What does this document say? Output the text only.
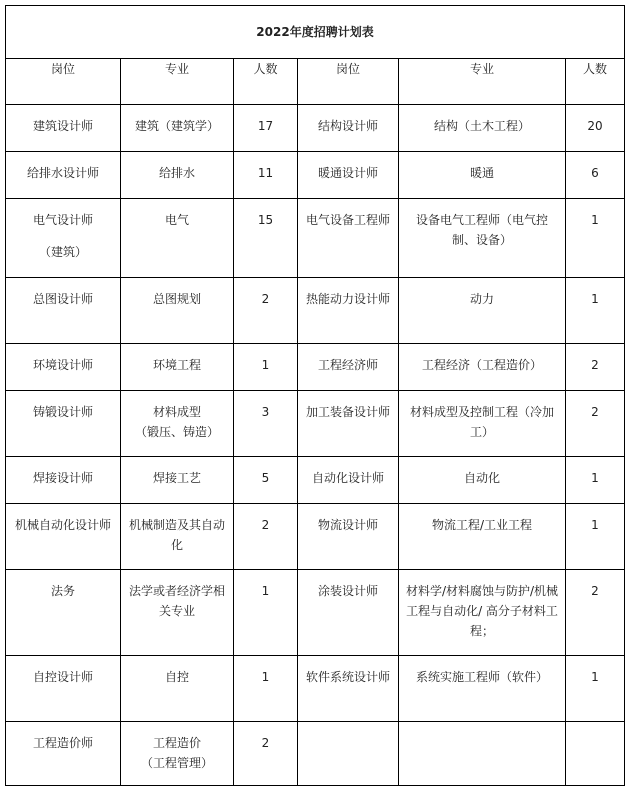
2022年度招聘计划表					
岗位	专业	人数	岗位	专业	人数

建筑设计师	建筑（建筑学）	17	结构设计师	结构（土木工程）	20

给排水设计师	给排水	11	暖通设计师	暖通	6

电气设计师
（建筑）	电气	15	电气设备工程师	设备电气工程师（电气控制、设备）	1

总图设计师	总图规划	2	热能动力设计师	动力	1

环境设计师	环境工程	1	工程经济师	工程经济（工程造价）	2

铸锻设计师	材料成型
（锻压、铸造）	3	加工装备设计师	材料成型及控制工程（冷加工）	2

焊接设计师	焊接工艺	5	自动化设计师	自动化	1

机械自动化设计师	机械制造及其自动化	2	物流设计师	物流工程/工业工程	1

法务	法学或者经济学相关专业	1	涂装设计师	材料学/材料腐蚀与防护/机械工程与自动化/ 高分子材料工程；	2

自控设计师	自控	1	软件系统设计师	系统实施工程师（软件）	1

工程造价师	工程造价
（工程管理）	2			
